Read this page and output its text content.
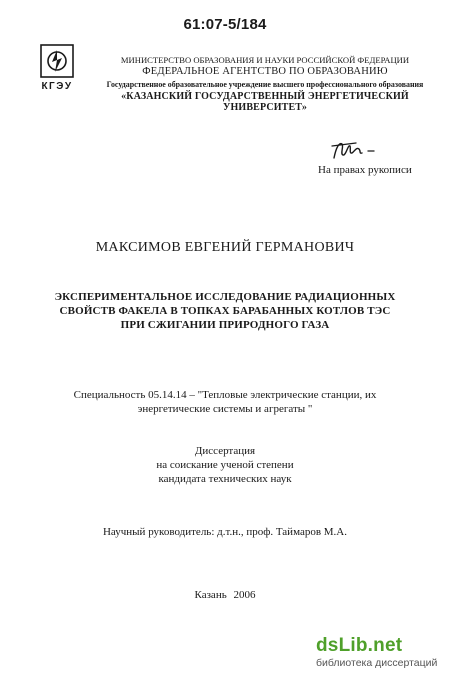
61:07-5/184
КГЭУ
МИНИСТЕРСТВО ОБРАЗОВАНИЯ И НАУКИ РОССИЙСКОЙ ФЕДЕРАЦИИ
ФЕДЕРАЛЬНОЕ АГЕНТСТВО ПО ОБРАЗОВАНИЮ
Государственное образовательное учреждение высшего профессионального образования
«КАЗАНСКИЙ ГОСУДАРСТВЕННЫЙ ЭНЕРГЕТИЧЕСКИЙ УНИВЕРСИТЕТ»
На правах рукописи
МАКСИМОВ ЕВГЕНИЙ ГЕРМАНОВИЧ
ЭКСПЕРИМЕНТАЛЬНОЕ ИССЛЕДОВАНИЕ РАДИАЦИОННЫХ
СВОЙСТВ ФАКЕЛА В ТОПКАХ БАРАБАННЫХ КОТЛОВ ТЭС
ПРИ СЖИГАНИИ ПРИРОДНОГО ГАЗА
Специальность 05.14.14 – "Тепловые электрические станции, их
энергетические системы и агрегаты "
Диссертация
на соискание ученой степени
кандидата технических наук
Научный руководитель: д.т.н., проф. Таймаров М.А.
Казань 2006
dsLib.net
библиотека диссертаций
